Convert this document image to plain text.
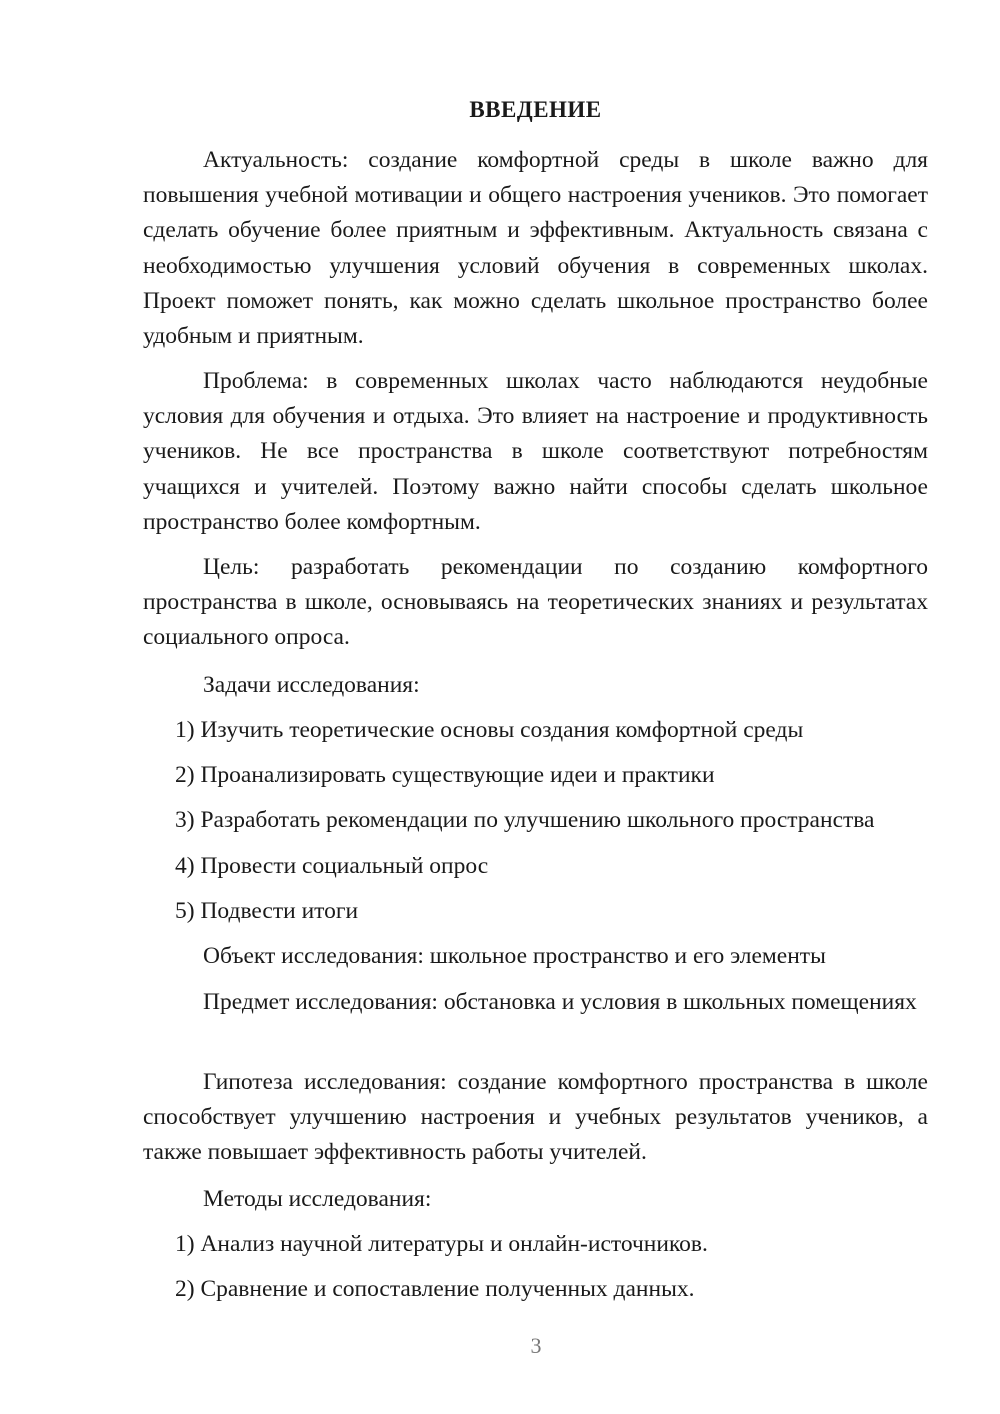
ВВЕДЕНИЕ

Актуальность: создание комфортной среды в школе важно для повышения учебной мотивации и общего настроения учеников. Это помогает сделать обучение более приятным и эффективным. Актуальность связана с необходимостью улучшения условий обучения в современных школах. Проект поможет понять, как можно сделать школьное пространство более удобным и приятным.

Проблема: в современных школах часто наблюдаются неудобные условия для обучения и отдыха. Это влияет на настроение и продуктивность учеников. Не все пространства в школе соответствуют потребностям учащихся и учителей. Поэтому важно найти способы сделать школьное пространство более комфортным.

Цель: разработать рекомендации по созданию комфортного пространства в школе, основываясь на теоретических знаниях и результатах социального опроса.

Задачи исследования:
1) Изучить теоретические основы создания комфортной среды
2) Проанализировать существующие идеи и практики
3) Разработать рекомендации по улучшению школьного пространства
4) Провести социальный опрос
5) Подвести итоги
Объект исследования: школьное пространство и его элементы

Предмет исследования: обстановка и условия в школьных помещениях

Гипотеза исследования: создание комфортного пространства в школе способствует улучшению настроения и учебных результатов учеников, а также повышает эффективность работы учителей.

Методы исследования:
1) Анализ научной литературы и онлайн-источников.
2) Сравнение и сопоставление полученных данных.
3
